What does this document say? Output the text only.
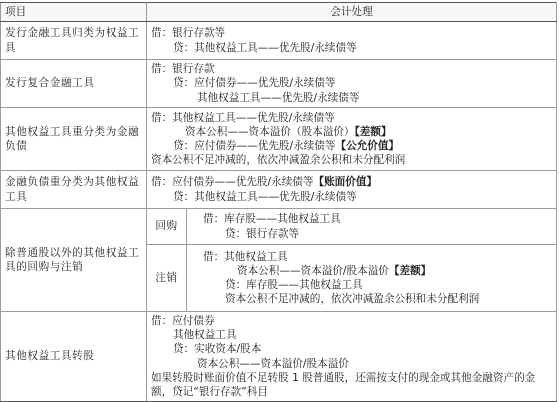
项目	会计处理	
发行金融工具归类为权益工具	借：银行存款等
贷：其他权益工具——优先股/永续债等	

发行复合金融工具	借：银行存款
贷：应付债券——优先股/永续债等
其他权益工具——优先股/永续债等	

其他权益工具重分类为金融负债	借：其他权益工具——优先股/永续债等
资本公积——资本溢价（股本溢价）【差额】
贷：应付债券——优先股/永续债等【公允价值】
资本公积不足冲减的，依次冲减盈余公积和未分配利润	

金融负债重分类为其他权益工具	借：应付债券——优先股/永续债等【账面价值】
贷：其他权益工具——优先股/永续债等	

除普通股以外的其他权益工具的回购与注销	回购	借：库存股——其他权益工具
贷：银行存款等

	注销	借：其他权益工具
资本公积——资本溢价/股本溢价【差额】
贷：库存股——其他权益工具
资本公积不足冲减的，依次冲减盈余公积和未分配利润

其他权益工具转股	借：应付债券
其他权益工具
贷：实收资本/股本
资本公积——资本溢价/股本溢价
如果转股时账面价值不足转股 1 股普通股，还需按支付的现金或其他金融资产的金额，贷记“银行存款”科目	
